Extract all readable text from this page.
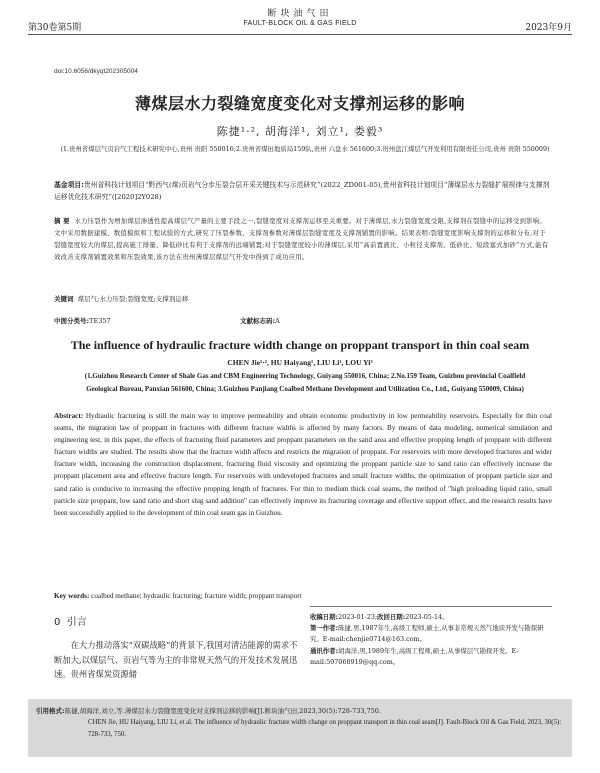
断块油气田
第30卷第5期	FAULT-BLOCK OIL & GAS FIELD	2023年9月
doi:10.6056/dkyqt202305004
薄煤层水力裂缝宽度变化对支撑剂运移的影响
陈捷¹·², 胡海洋¹, 刘立¹, 娄毅³
(1.贵州省煤层气页岩气工程技术研究中心,贵州 贵阳 550016;2.贵州省煤田地质局159队,贵州 六盘水 561600;3.贵州盘江煤层气开发利用有限责任公司,贵州 贵阳 550009)
基金项目:贵州省科技计划项目“黔西气(煤)页岩气分步压裂合层开采关键技术与示范研究”(2022_ZD001-05),贵州省科技计划项目“薄煤层水力裂缝扩展规律与支撑剂运移优化技术研究”([2020]2Y028)
摘 要 水力压裂作为增加煤层渗透性提高煤层气产量的主要手段之一,裂缝宽度对支撑剂运移至关重要。对于薄煤层,水力裂缝宽度受限,支撑剂在裂缝中的运移受到影响。文中采用数据建模、数值模拟和工程试验的方式,研究了压裂参数、支撑剂参数对薄煤层裂缝宽度及支撑剂铺置的影响。结果表明:裂缝宽度影响支撑剂的运移和分布,对于裂缝宽度较大的煤层,提高施工排量、降低砂比有利于支撑剂的远端铺置;对于裂缝宽度较小的薄煤层,采用“高前置液比、小粒径支撑剂、低砂比、短段塞式加砂”方式,能有效改善支撑剂铺置效果和压裂效果,该方法在贵州薄煤层煤层气开发中得到了成功应用。
关键词 煤层气;水力压裂;裂缝宽度;支撑剂运移
中图分类号:TE357	文献标志码:A
The influence of hydraulic fracture width change on proppant transport in thin coal seam
CHEN Jie¹·², HU Haiyang¹, LIU Li¹, LOU Yi³
(1.Guizhou Research Center of Shale Gas and CBM Engineering Technology, Guiyang 550016, China; 2.No.159 Team, Guizhou provincial Coalfield Geological Bureau, Panxian 561600, China; 3.Guizhou Panjiang Coalbed Methane Development and Utilization Co., Ltd., Guiyang 550009, China)
Abstract: Hydraulic fracturing is still the main way to improve permeability and obtain economic productivity in low permeability reservoirs. Especially for thin coal seams, the migration law of proppant in fractures with different fracture widths is affected by many factors. By means of data modeling, numerical simulation and engineering test, in this paper, the effects of fracturing fluid parameters and proppant parameters on the sand area and effective propping length of proppant with different fracture widths are studied. The results show that the fracture width affects and restricts the migration of proppant. For reservoirs with more developed fractures and wider fracture width, increasing the construction displacement, fracturing fluid viscosity and optimizing the proppant particle size to sand ratio can effectively increase the proppant placement area and effective fracture length. For reservoirs with undeveloped fractures and small fracture widths, the optimization of proppant particle size and sand ratio is conducive to increasing the effective propping length of fractures. For thin to medium thick coal seams, the method of "high preloading liquid ratio, small particle size proppant, low sand ratio and short slug sand addition" can effectively improve its fracturing coverage and effective support effect, and the research results have been successfully applied to the development of thin coal seam gas in Guizhou.
Key words: coalbed methane; hydraulic fracturing; fracture width; proppant transport
0 引言
在大力推动落实“双碳战略”的背景下,我国对清洁能源的需求不断加大,以煤层气、页岩气等为主的非常规天然气的开发技术发展迅速。贵州省煤炭资源储
收稿日期:2023-01-23;改回日期:2023-05-14。
第一作者:陈捷,男,1987年生,高级工程师,硕士,从事非常规天然气地质开发与勘探研究。E-mail:chenjie0714@163.com。
通讯作者:胡海洋,男,1989年生,高级工程师,硕士,从事煤层气勘探开发。E-mail:597068919@qq.com。
引用格式:陈捷,胡海洋,刘立,等.薄煤层水力裂缝宽度变化对支撑剂运移的影响[J].断块油气田,2023,30(5):728-733,750.
CHEN Jie, HU Haiyang, LIU Li, et al. The influence of hydraulic fracture width change on proppant transport in thin coal seam[J]. Fault-Block Oil & Gas Field, 2023, 30(5): 728-733, 750.
